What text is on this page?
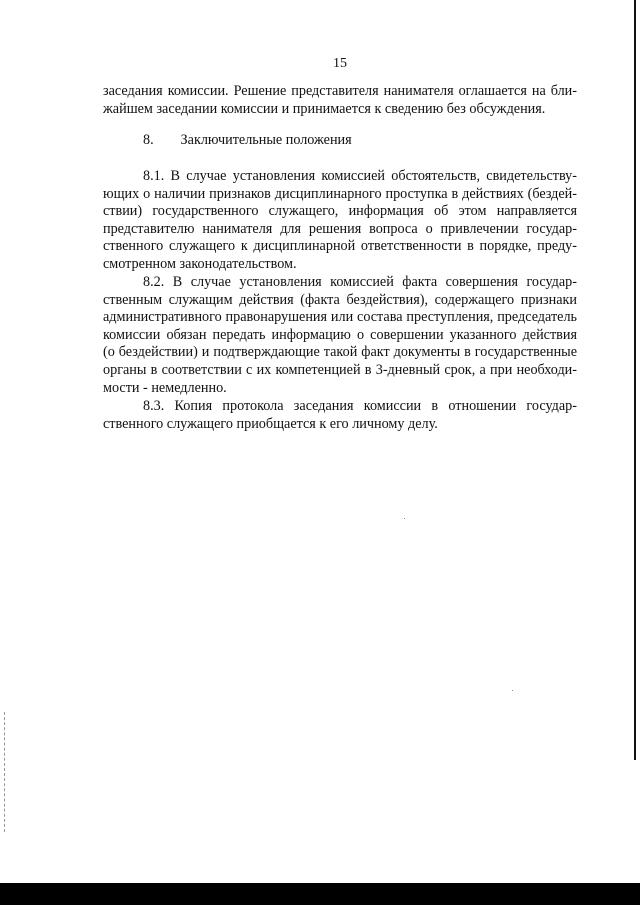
15
заседания комиссии. Решение представителя нанимателя оглашается на бли-
жайшем заседании комиссии и принимается к сведению без обсуждения.
8. Заключительные положения
8.1. В случае установления комиссией обстоятельств, свидетельству-
ющих о наличии признаков дисциплинарного проступка в действиях (бездей-
ствии) государственного служащего, информация об этом направляется
представителю нанимателя для решения вопроса о привлечении государ-
ственного служащего к дисциплинарной ответственности в порядке, преду-
смотренном законодательством.
8.2. В случае установления комиссией факта совершения государ-
ственным служащим действия (факта бездействия), содержащего признаки
административного правонарушения или состава преступления, председатель
комиссии обязан передать информацию о совершении указанного действия
(о бездействии) и подтверждающие такой факт документы в государственные
органы в соответствии с их компетенцией в 3-дневный срок, а при необходи-
мости - немедленно.
8.3. Копия протокола заседания комиссии в отношении государ-
ственного служащего приобщается к его личному делу.
